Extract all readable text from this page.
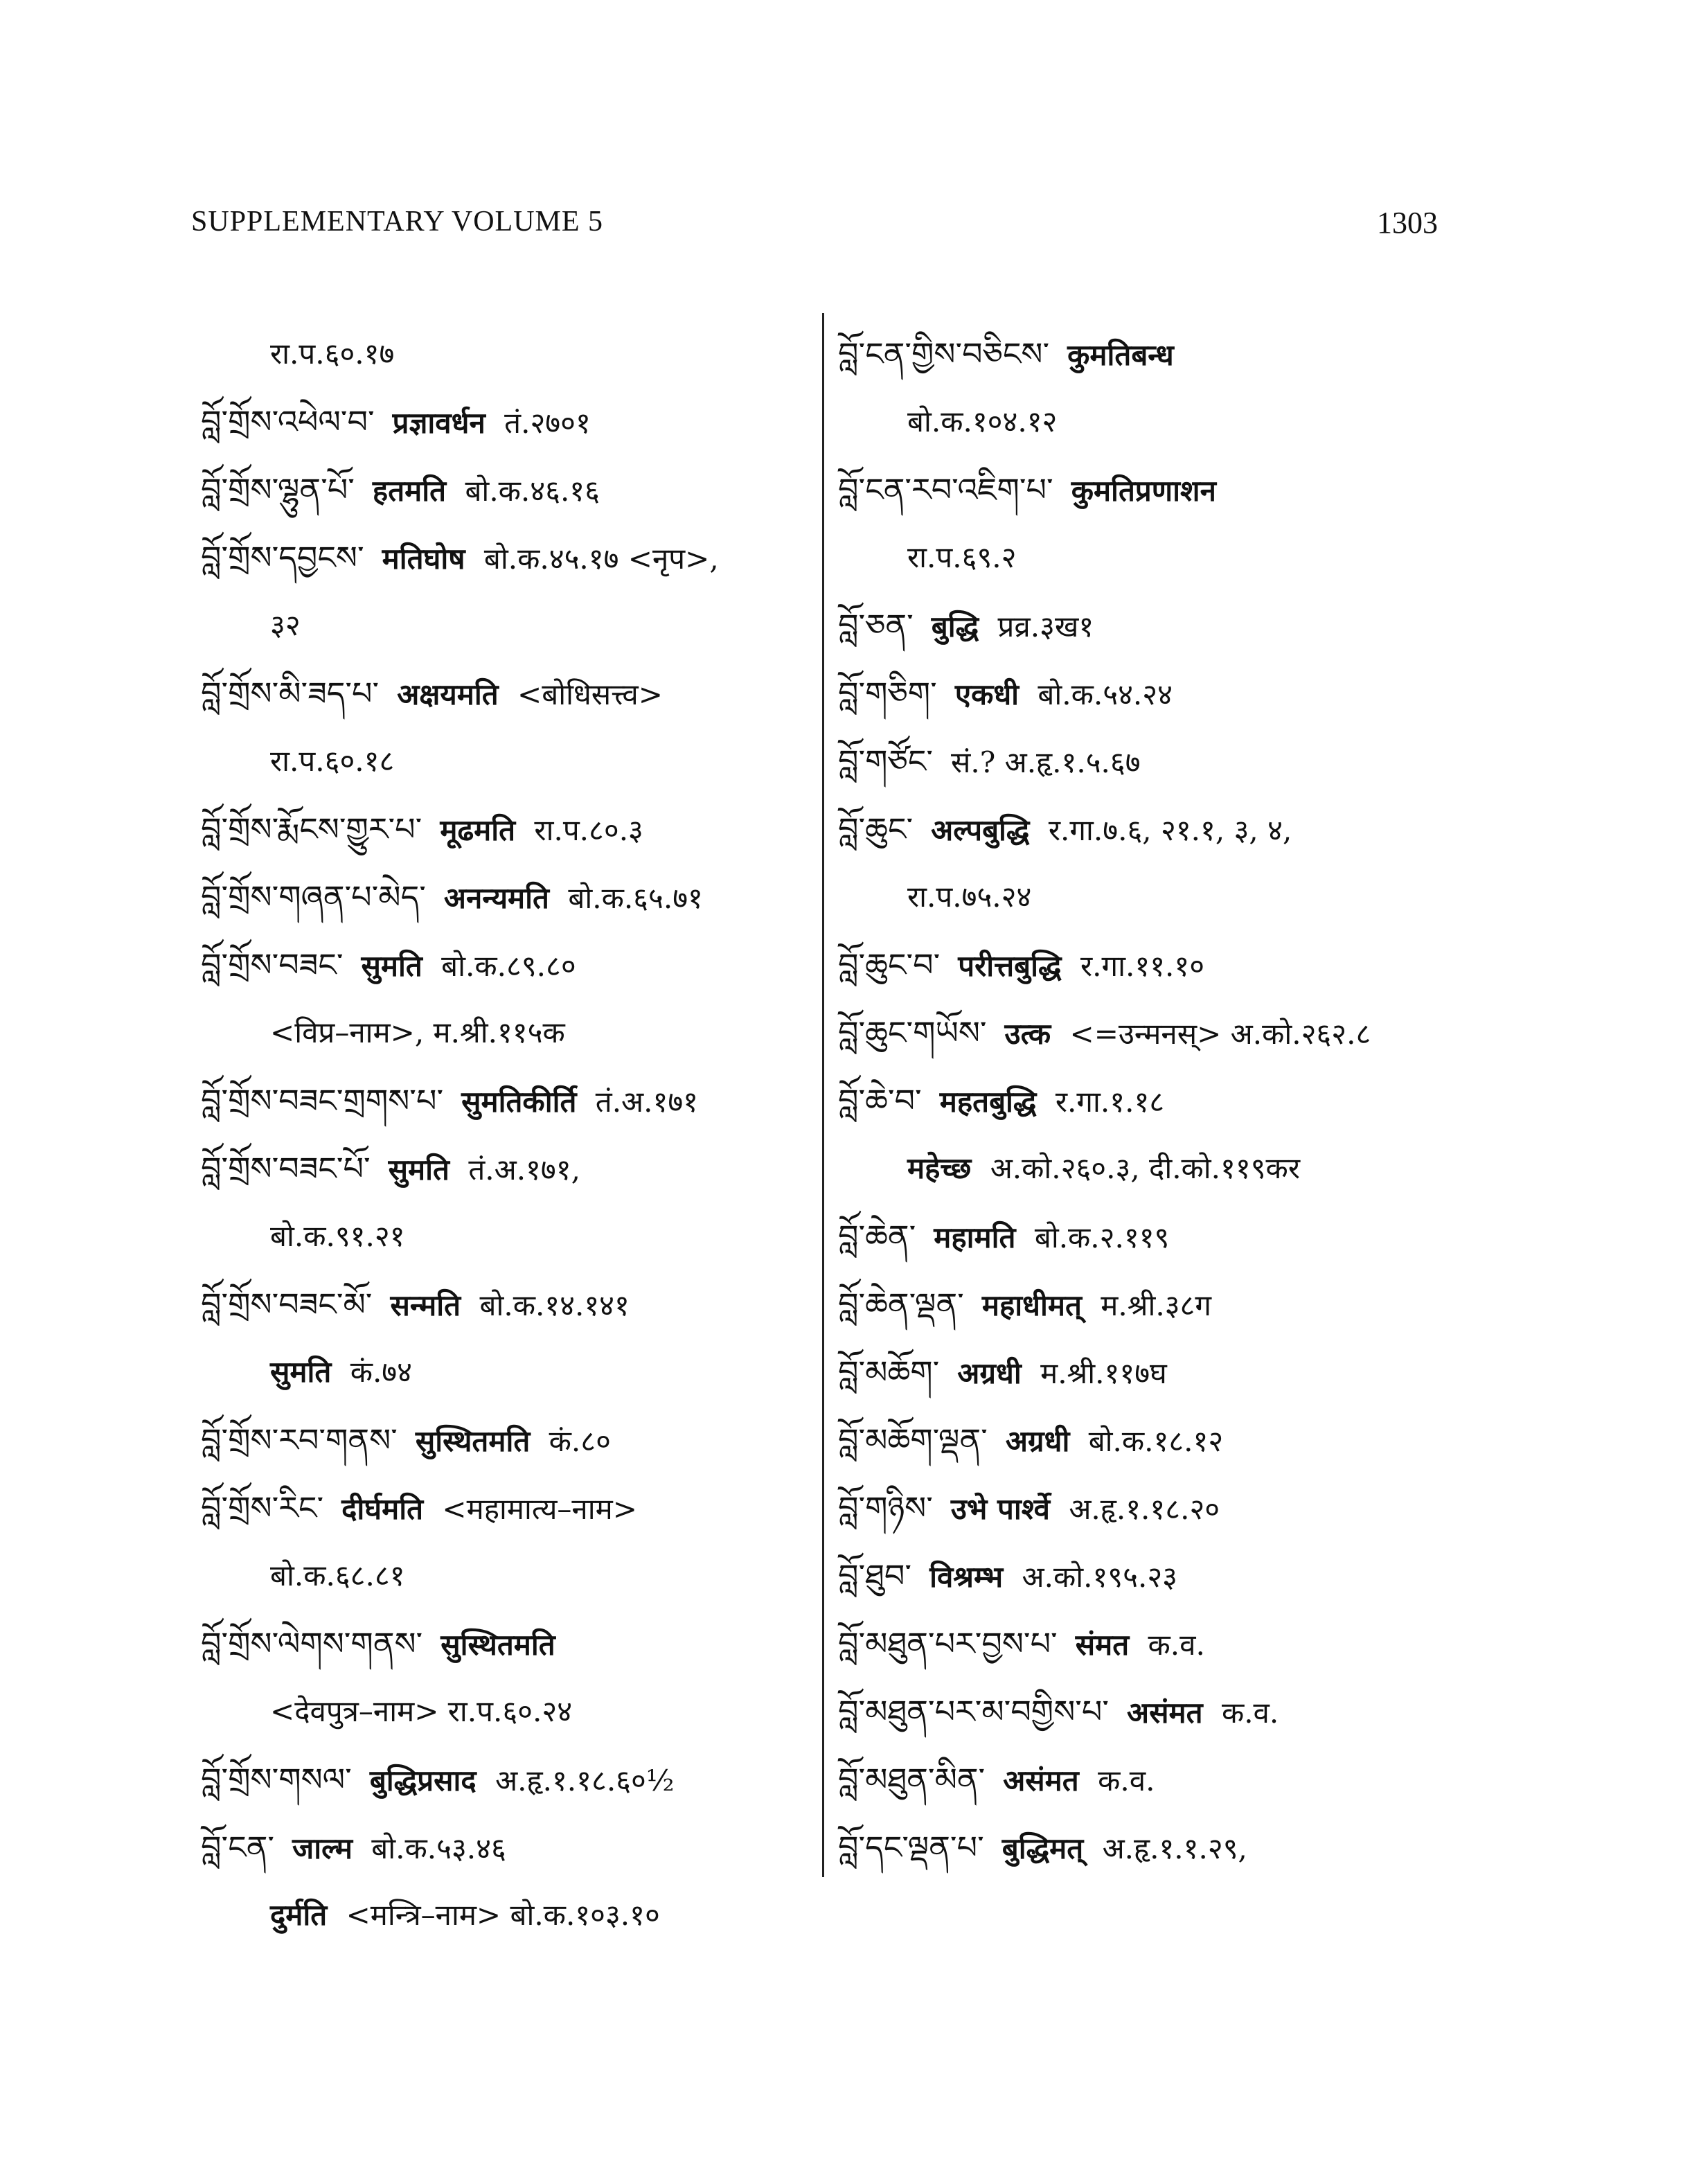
SUPPLEMENTARY VOLUME 5	1303
रा.प.६०.१७
བློ་གྲོས་འཕེལ་བ་ प्रज्ञावर्धन तं.२७०१
བློ་གྲོས་ལྷུན་པོ་ हतमति बो.क.४६.१६
བློ་གྲོས་དབྱངས་ मतिघोष बो.क.४५.१७ <नृप>,
३२
བློ་གྲོས་མི་ཟད་པ་ अक्षयमति <बोधिसत्त्व>
रा.प.६०.१८
བློ་གྲོས་རྨོངས་གྱུར་པ་ मूढमति रा.प.८०.३
བློ་གྲོས་གཞན་པ་མེད་ अनन्यमति बो.क.६५.७१
བློ་གྲོས་བཟང་ सुमति बो.क.८९.८०
<विप्र–नाम>, म.श्री.११५क
བློ་གྲོས་བཟང་གྲགས་པ་ सुमतिकीर्ति तं.अ.१७१
བློ་གྲོས་བཟང་པོ་ सुमति तं.अ.१७१,
बो.क.९१.२१
བློ་གྲོས་བཟང་མོ་ सन्मति बो.क.१४.१४१
सुमति कं.७४
བློ་གྲོས་རབ་གནས་ सुस्थितमति कं.८०
བློ་གྲོས་རིང་ दीर्घमति <महामात्य–नाम>
बो.क.६८.८१
བློ་གྲོས་ལེགས་གནས་ सुस्थितमति
<देवपुत्र–नाम> रा.प.६०.२४
བློ་གྲོས་གསལ་ बुद्धिप्रसाद अ.हृ.१.१८.६०½
བློ་ངན་ जाल्म बो.क.५३.४६
दुर्मति <मन्त्रि–नाम> बो.क.१०३.१०
བློ་ངན་གྱིས་བཅིངས་ कुमतिबन्ध
बो.क.१०४.१२
བློ་ངན་རབ་འཇིག་པ་ कुमतिप्रणाशन
रा.प.६९.२
བློ་ཅན་ बुद्धि प्रव्र.३ख१
བློ་གཅིག་ एकधी बो.क.५४.२४
བློ་གཙོང་ सं.? अ.हृ.१.५.६७
བློ་ཆུང་ अल्पबुद्धि र.गा.७.६, २१.१, ३, ४,
रा.प.७५.२४
བློ་ཆུང་བ་ परीत्तबुद्धि र.गा.११.१०
བློ་ཆུང་གཡོས་ उत्क <=उन्मनस्> अ.को.२६२.८
བློ་ཆེ་བ་ महतबुद्धि र.गा.१.१८
महेच्छ अ.को.२६०.३, दी.को.११९कर
བློ་ཆེན་ महामति बो.क.२.११९
བློ་ཆེན་ལྡན་ महाधीमत् म.श्री.३८ग
བློ་མཆོག་ अग्रधी म.श्री.११७घ
བློ་མཆོག་ལྡན་ अग्रधी बो.क.१८.१२
བློ་གཉིས་ उभे पार्श्वे अ.हृ.१.१८.२०
བློ་ཐུབ་ विश्रम्भ अ.को.१९५.२३
བློ་མཐུན་པར་བྱས་པ་ संमत क.व.
བློ་མཐུན་པར་མ་བགྱིས་པ་ असंमत क.व.
བློ་མཐུན་མིན་ असंमत क.व.
བློ་དང་ལྡན་པ་ बुद्धिमत् अ.हृ.१.१.२९,
